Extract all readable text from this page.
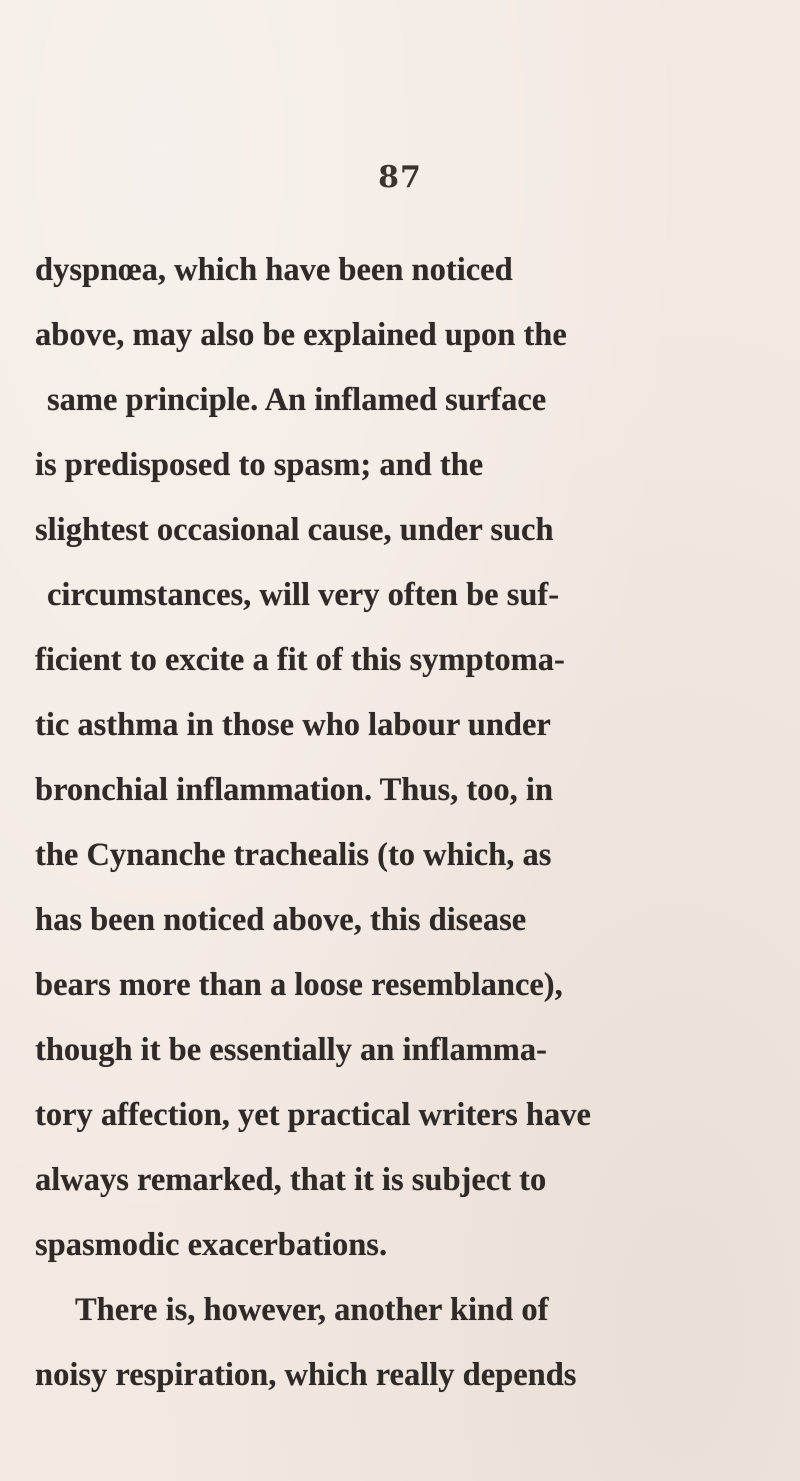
87
dyspnœa, which have been noticed
above, may also be explained upon the
same principle. An inflamed surface
is predisposed to spasm; and the
slightest occasional cause, under such
circumstances, will very often be suf-
ficient to excite a fit of this symptoma-
tic asthma in those who labour under
bronchial inflammation. Thus, too, in
the Cynanche trachealis (to which, as
has been noticed above, this disease
bears more than a loose resemblance),
though it be essentially an inflamma-
tory affection, yet practical writers have
always remarked, that it is subject to
spasmodic exacerbations.
There is, however, another kind of
noisy respiration, which really depends
